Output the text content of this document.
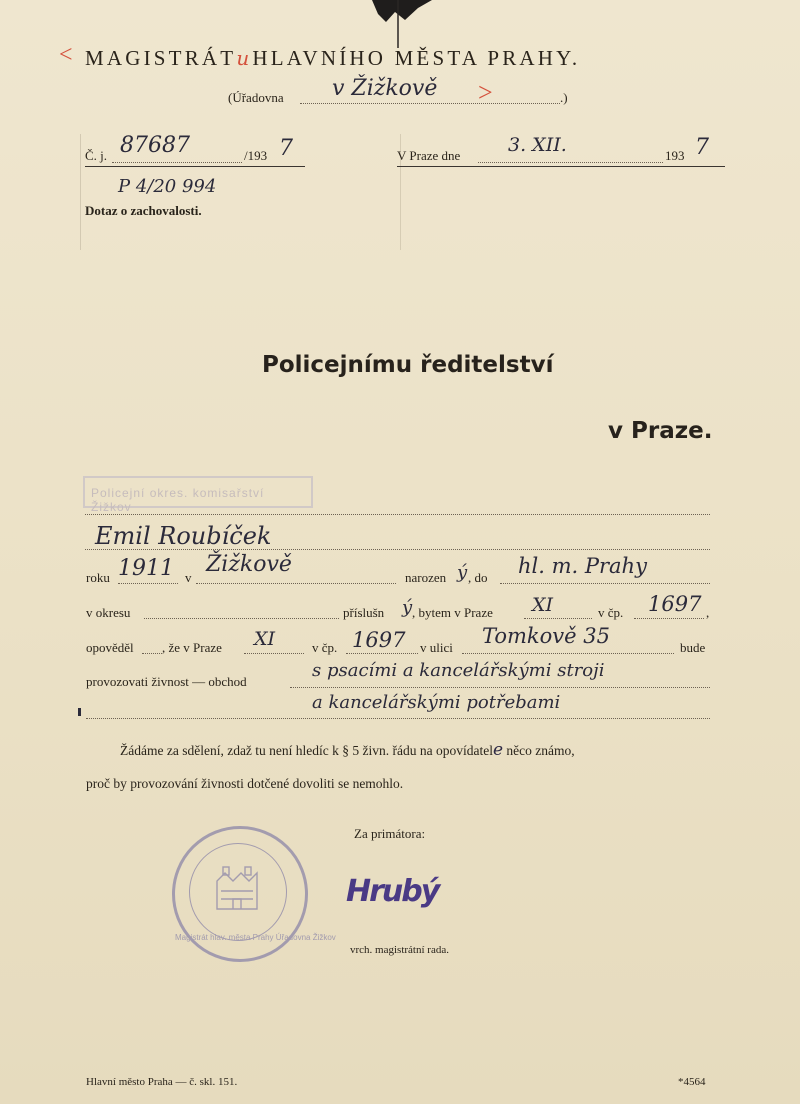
< MAGISTRÁTuHLAVNÍHO MĚSTA PRAHY.
(Úřadovna v Žižkově >	.)
Č. j. 87687	/193 7
P 4/20 994
Dotaz o zachovalosti.
V Praze dne	3. XII.	193 7
Policejnímu ředitelství
v Praze.
Policejní okres. komisařství Žižkov
Emil Roubíček
roku 1911 v
Žižkově
narozen ý , do hl. m. Prahy
v okresu	příslušn ý , bytem v Praze XI	v čp. 1697 ,
opověděl , že v Praze XI	v čp. 1697 v ulici Tomkově 35	bude
provozovati živnost — obchod
s psacími a kancelářskými stroji
a kancelářskými potřebami
Žádáme za sdělení, zdaž tu není hledíc k § 5 živn. řádu na opovídatele něco známo,
proč by provozování živnosti dotčené dovoliti se nemohlo.
Za primátora:
Hrubý
vrch. magistrátní rada.
Magistrát hlav. města Prahy Úřadovna Žižkov
Hlavní město Praha — č. skl. 151.	*4564
